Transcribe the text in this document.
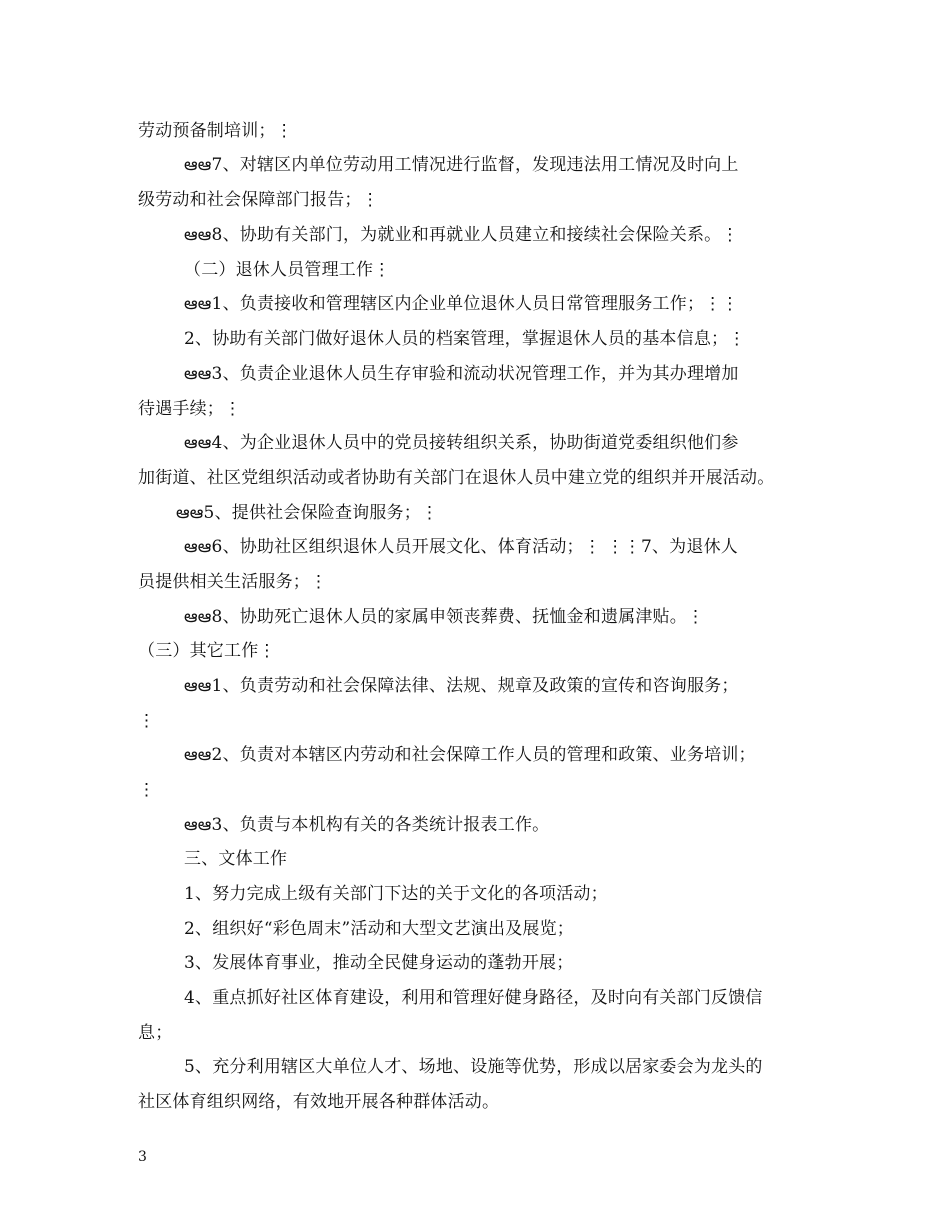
劳动预备制培训；⋮
ఆఆ7、对辖区内单位劳动用工情况进行监督，发现违法用工情况及时向上
级劳动和社会保障部门报告；⋮
ఆఆ8、协助有关部门，为就业和再就业人员建立和接续社会保险关系。⋮
（二）退休人员管理工作⋮
ఆఆ1、负责接收和管理辖区内企业单位退休人员日常管理服务工作；⋮⋮
2、协助有关部门做好退休人员的档案管理，掌握退休人员的基本信息；⋮
ఆఆ3、负责企业退休人员生存审验和流动状况管理工作，并为其办理增加
待遇手续；⋮
ఆఆ4、为企业退休人员中的党员接转组织关系，协助街道党委组织他们参
加街道、社区党组织活动或者协助有关部门在退休人员中建立党的组织并开展活动。
ఆఆ5、提供社会保险查询服务；⋮
ఆఆ6、协助社区组织退休人员开展文化、体育活动；⋮ ⋮⋮7、为退休人
员提供相关生活服务；⋮
ఆఆ8、协助死亡退休人员的家属申领丧葬费、抚恤金和遗属津贴。⋮
（三）其它工作⋮
ఆఆ1、负责劳动和社会保障法律、法规、规章及政策的宣传和咨询服务；
⋮
ఆఆ2、负责对本辖区内劳动和社会保障工作人员的管理和政策、业务培训；
⋮
ఆఆ3、负责与本机构有关的各类统计报表工作。
三、文体工作
1、努力完成上级有关部门下达的关于文化的各项活动；
2、组织好“彩色周末”活动和大型文艺演出及展览；
3、发展体育事业，推动全民健身运动的蓬勃开展；
4、重点抓好社区体育建设，利用和管理好健身路径，及时向有关部门反馈信
息；
5、充分利用辖区大单位人才、场地、设施等优势，形成以居家委会为龙头的
社区体育组织网络，有效地开展各种群体活动。
3
